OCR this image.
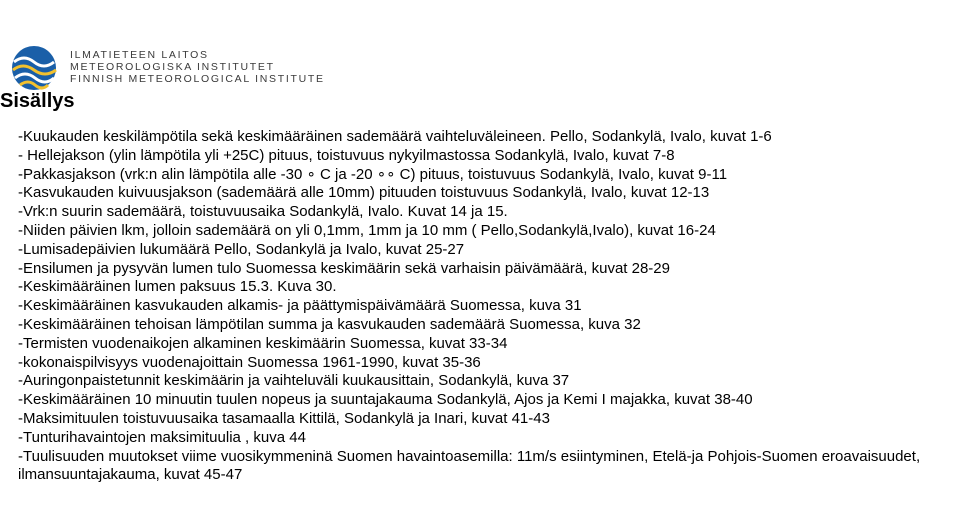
ILMATIETEEN LAITOS
METEOROLOGISKA INSTITUTET
FINNISH METEOROLOGICAL INSTITUTE
Sisällys
-Kuukauden keskilämpötila sekä keskimääräinen sademäärä vaihteluväleineen. Pello, Sodankylä, Ivalo, kuvat 1-6
- Hellejakson (ylin lämpötila yli +25C) pituus, toistuvuus nykyilmastossa Sodankylä, Ivalo, kuvat 7-8
-Pakkasjakson (vrk:n alin lämpötila alle -30 ∘ C ja -20 ∘∘ C) pituus, toistuvuus Sodankylä, Ivalo, kuvat 9-11
-Kasvukauden kuivuusjakson (sademäärä alle 10mm) pituuden toistuvuus Sodankylä, Ivalo, kuvat 12-13
-Vrk:n suurin sademäärä, toistuvuusaika Sodankylä, Ivalo. Kuvat 14 ja 15.
-Niiden päivien lkm, jolloin sademäärä on yli 0,1mm, 1mm ja 10 mm ( Pello,Sodankylä,Ivalo), kuvat 16-24
-Lumisadepäivien lukumäärä Pello, Sodankylä ja Ivalo, kuvat 25-27
-Ensilumen ja pysyvän lumen tulo Suomessa keskimäärin sekä varhaisin päivämäärä, kuvat 28-29
-Keskimääräinen lumen paksuus 15.3. Kuva 30.
-Keskimääräinen kasvukauden alkamis- ja päättymispäivämäärä Suomessa, kuva 31
-Keskimääräinen tehoisan lämpötilan summa ja kasvukauden sademäärä Suomessa, kuva 32
-Termisten vuodenaikojen alkaminen keskimäärin Suomessa, kuvat 33-34
-kokonaispilvisyys vuodenajoittain Suomessa 1961-1990, kuvat 35-36
-Auringonpaistetunnit keskimäärin ja vaihteluväli kuukausittain, Sodankylä, kuva 37
-Keskimääräinen 10 minuutin tuulen nopeus ja suuntajakauma Sodankylä, Ajos ja Kemi I majakka, kuvat 38-40
-Maksimituulen toistuvuusaika tasamaalla Kittilä, Sodankylä ja Inari, kuvat 41-43
-Tunturihavaintojen maksimituulia , kuva 44
-Tuulisuuden muutokset viime vuosikymmeninä Suomen havaintoasemilla: 11m/s esiintyminen, Etelä-ja Pohjois-Suomen eroavaisuudet, ilmansuuntajakauma, kuvat 45-47
